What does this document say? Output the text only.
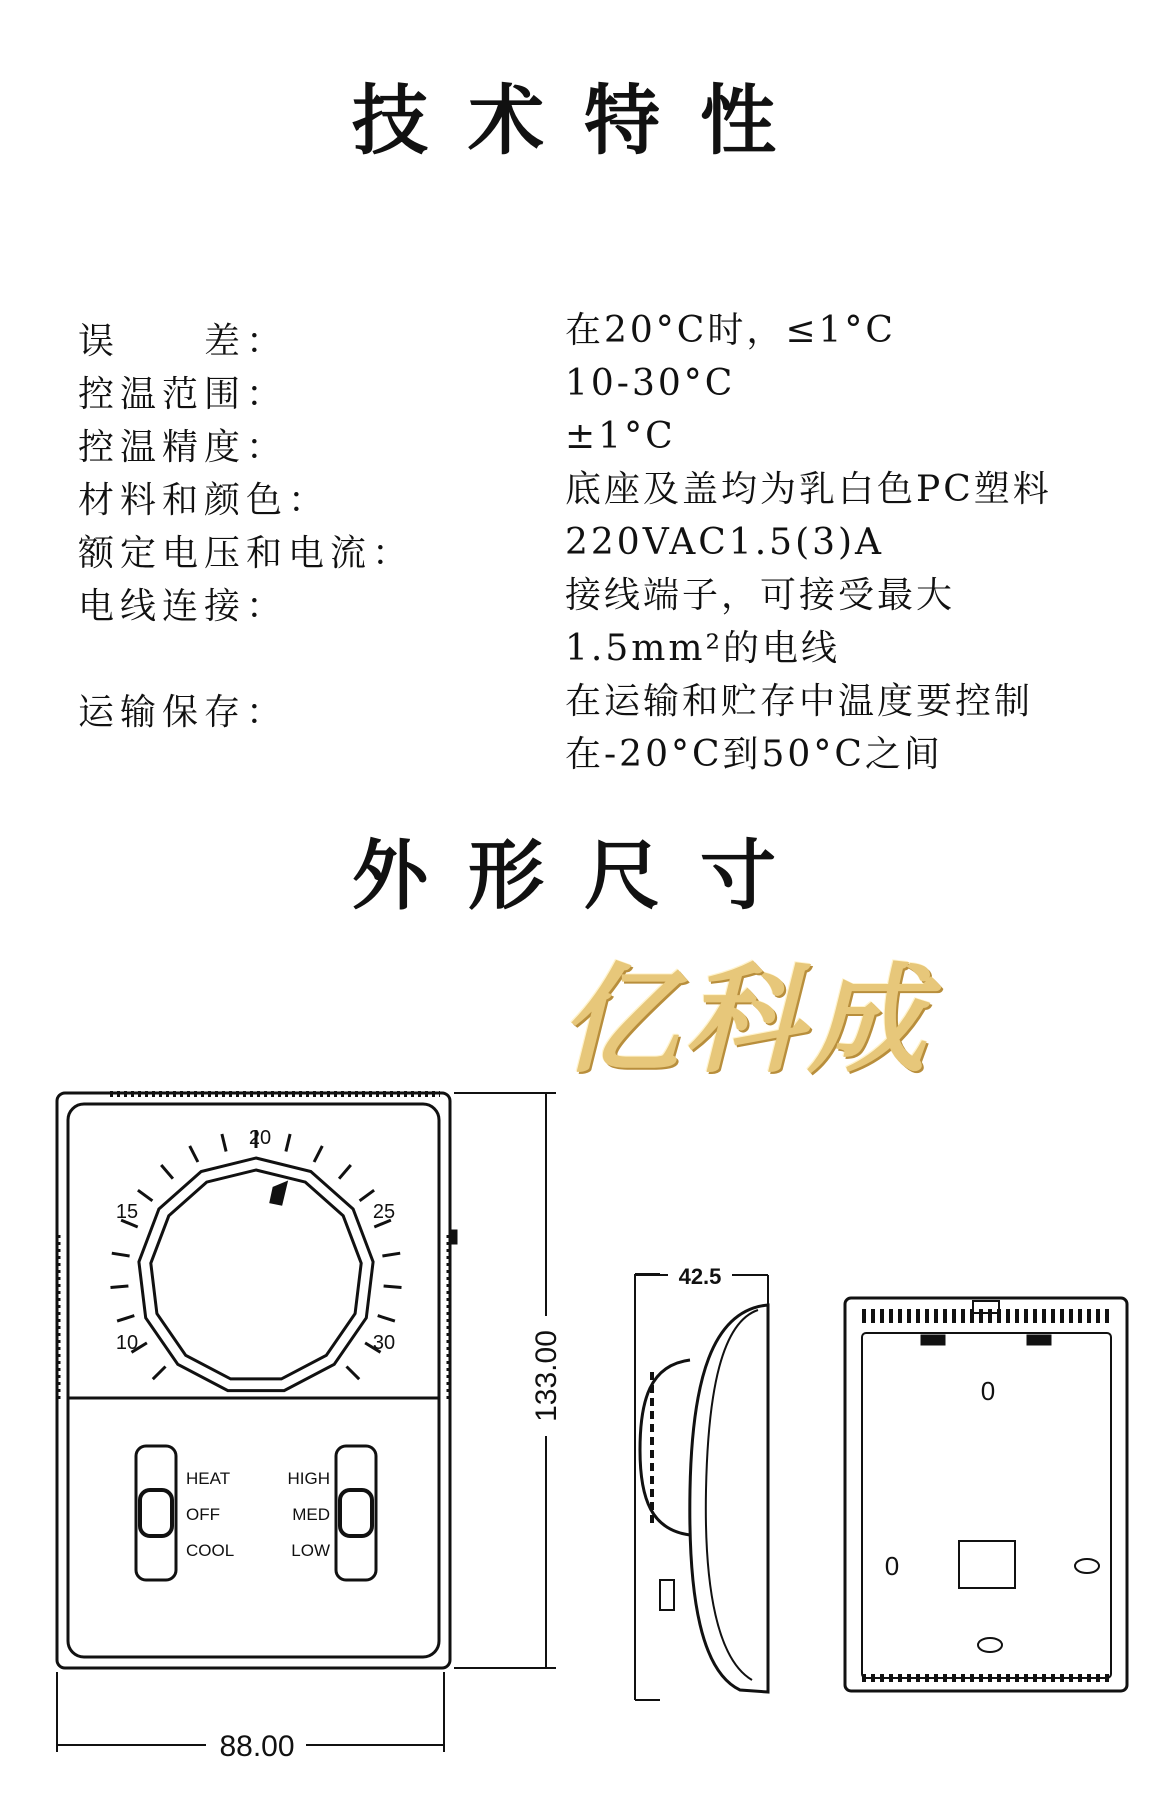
技术特性
误　　差：	在20°C时，≤1°C
控温范围：	10-30°C
控温精度：	±1°C
材料和颜色：	底座及盖均为乳白色PC塑料
额定电压和电流：	220VAC1.5(3)A
电线连接：	接线端子，可接受最大
1.5mm²的电线
运输保存：	在运输和贮存中温度要控制
在-20°C到50°C之间
外形尺寸
亿科成
20
15	25
10	30
HEAT
OFF
COOL
HIGH
MED
LOW
88.00
133.00
42.5
0
0
